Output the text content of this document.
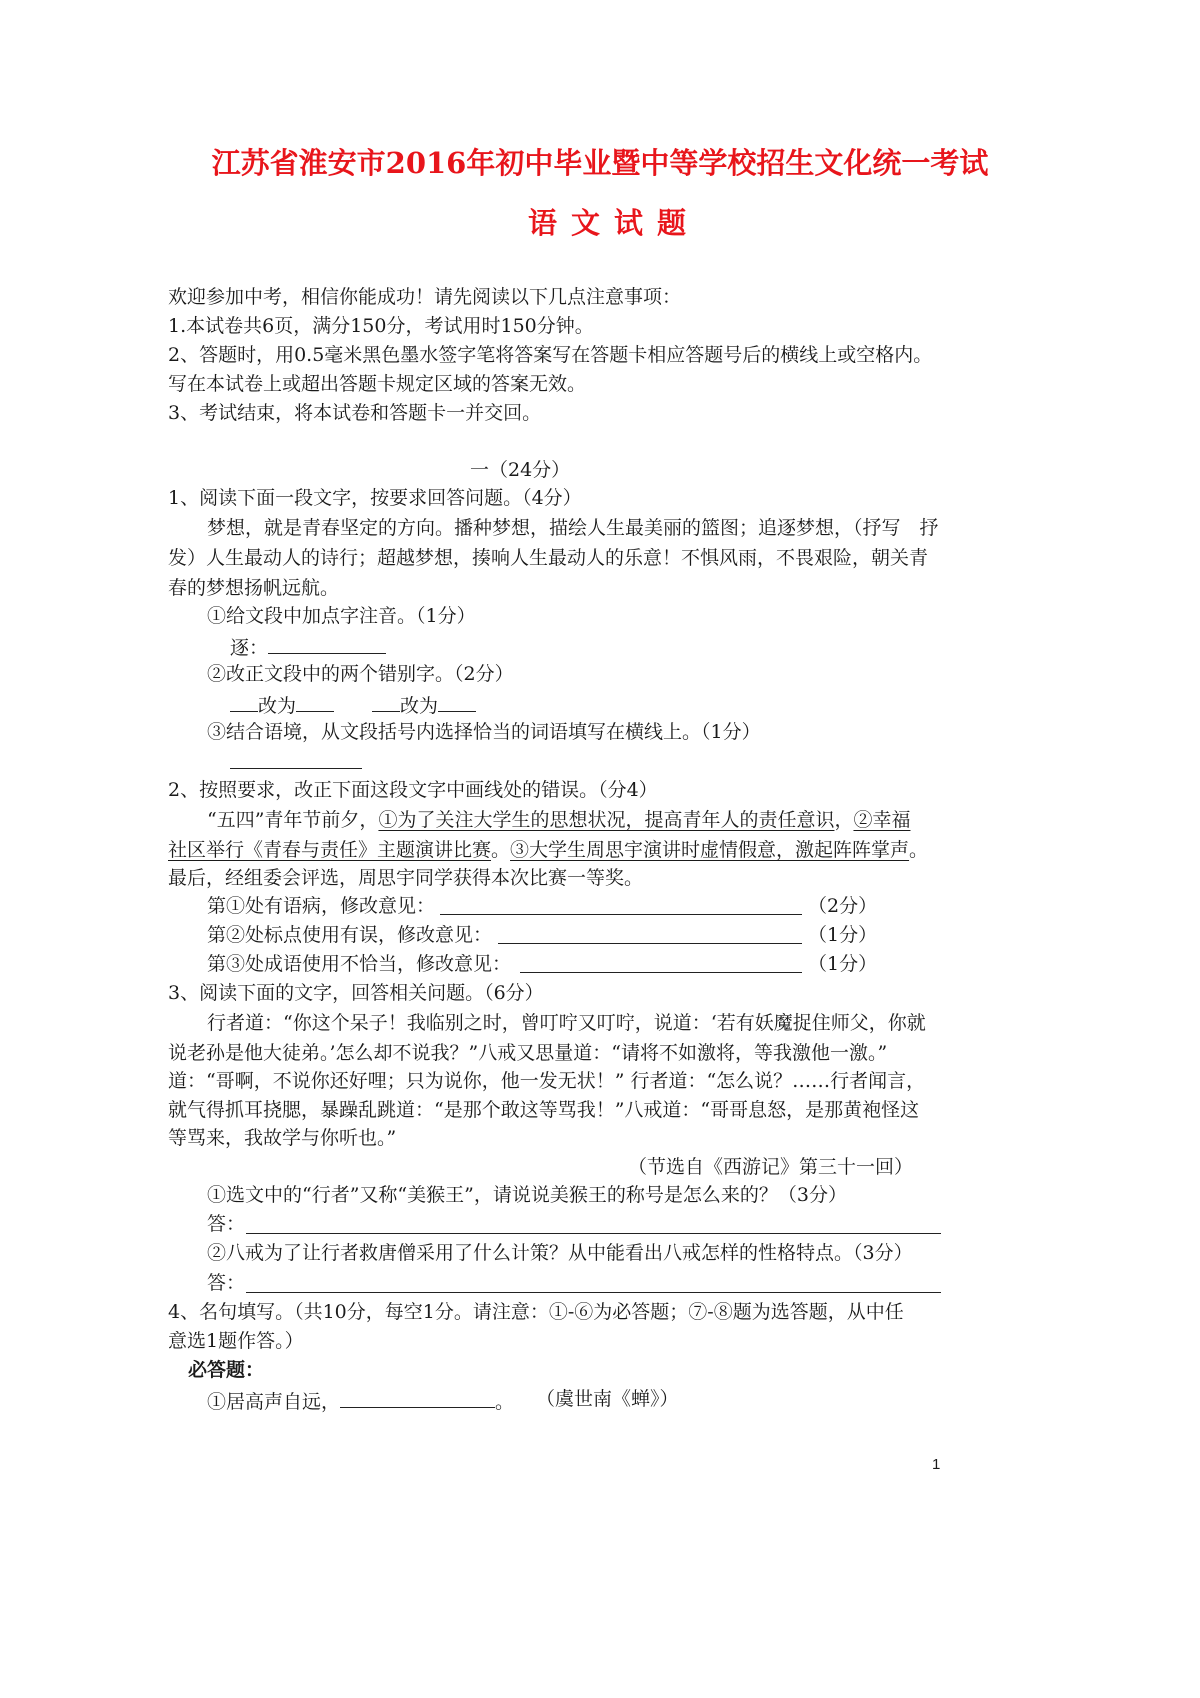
江苏省淮安市2016年初中毕业暨中等学校招生文化统一考试
语文试题
欢迎参加中考，相信你能成功！请先阅读以下几点注意事项：
1.本试卷共6页，满分150分，考试用时150分钟。
2、答题时，用0.5毫米黑色墨水签字笔将答案写在答题卡相应答题号后的横线上或空格内。
写在本试卷上或超出答题卡规定区域的答案无效。
3、考试结束，将本试卷和答题卡一并交回。
一（24分）
1、阅读下面一段文字，按要求回答问题。（4分）
梦想，就是青春坚定的方向。播种梦想，描绘人生最美丽的篮图；追逐梦想，（抒写　抒
发）人生最动人的诗行；超越梦想，揍响人生最动人的乐意！不惧风雨，不畏艰险，朝关青
春的梦想扬帆远航。
①给文段中加点字注音。（1分）
逐：
②改正文段中的两个错别字。（2分）
改为	改为
③结合语境，从文段括号内选择恰当的词语填写在横线上。（1分）
2、按照要求，改正下面这段文字中画线处的错误。（分4）
“五四”青年节前夕，①为了关注大学生的思想状况，提高青年人的责任意识，②幸福
社区举行《青春与责任》主题演讲比赛。③大学生周思宇演讲时虚情假意，激起阵阵掌声。
最后，经组委会评选，周思宇同学获得本次比赛一等奖。
第①处有语病，修改意见：	（2分）
第②处标点使用有误，修改意见：	（1分）
第③处成语使用不恰当，修改意见：	（1分）
3、阅读下面的文字，回答相关问题。（6分）
行者道：“你这个呆子！我临别之时，曾叮咛又叮咛，说道：‘若有妖魔捉住师父，你就
说老孙是他大徒弟。’怎么却不说我？”八戒又思量道：“请将不如激将，等我激他一激。”
道：“哥啊，不说你还好哩；只为说你，他一发无状！” 行者道：“怎么说？……行者闻言，
就气得抓耳挠腮，暴躁乱跳道：“是那个敢这等骂我！”八戒道：“哥哥息怒，是那黄袍怪这
等骂来，我故学与你听也。”
（节选自《西游记》第三十一回）
①选文中的“行者”又称“美猴王”，请说说美猴王的称号是怎么来的？（3分）
答：
②八戒为了让行者救唐僧采用了什么计策？从中能看出八戒怎样的性格特点。（3分）
答：
4、名句填写。（共10分，每空1分。请注意：①-⑥为必答题；⑦-⑧题为选答题，从中任
意选1题作答。）
必答题：
①居高声自远，	。 （虞世南《蝉》）
1
